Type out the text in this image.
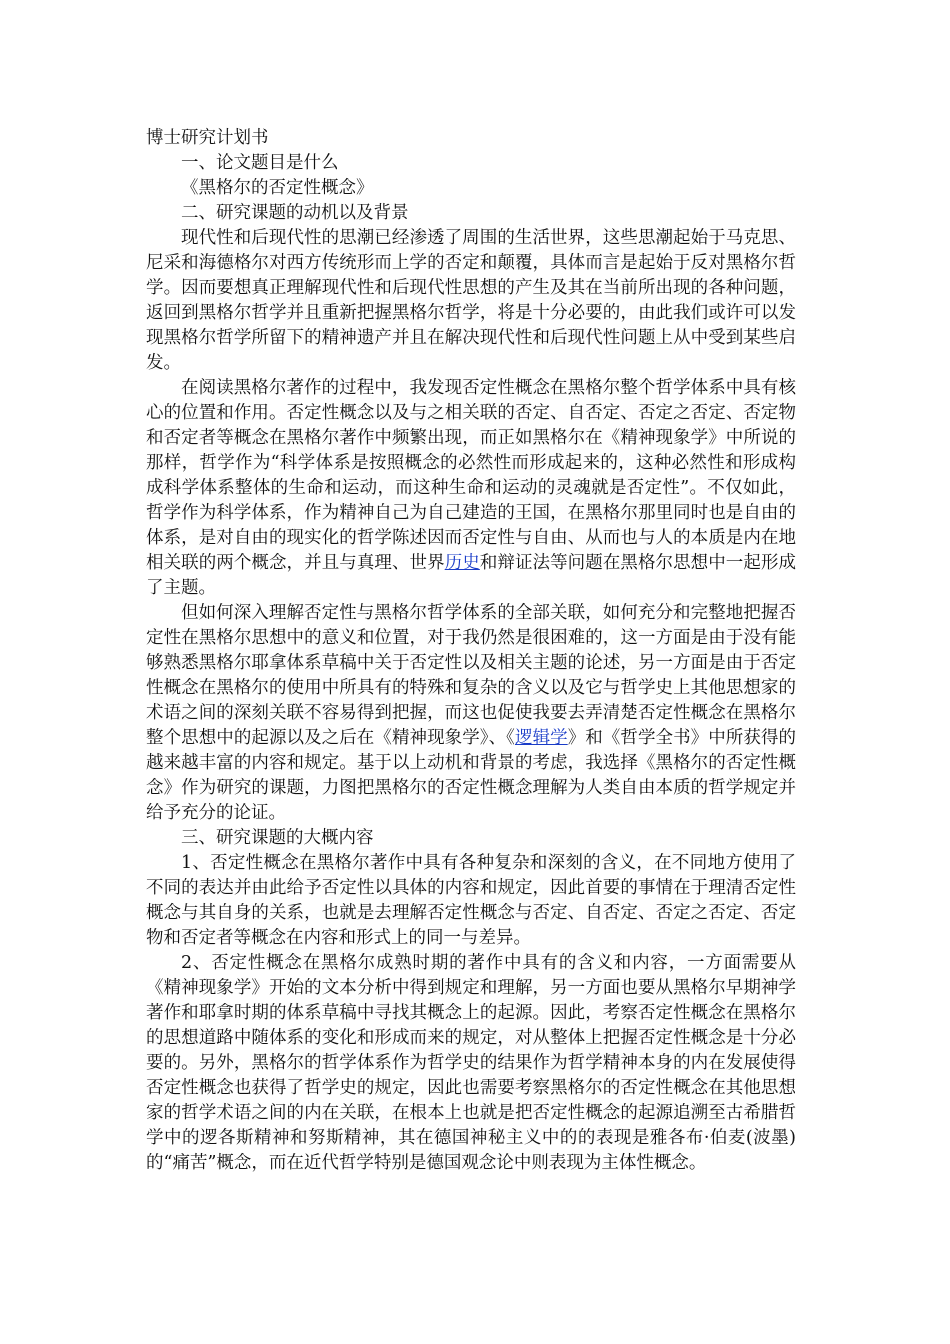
博士研究计划书

一、论文题目是什么

《黑格尔的否定性概念》

二、研究课题的动机以及背景

现代性和后现代性的思潮已经渗透了周围的生活世界，这些思潮起始于马克思、尼采和海德格尔对西方传统形而上学的否定和颠覆，具体而言是起始于反对黑格尔哲学。因而要想真正理解现代性和后现代性思想的产生及其在当前所出现的各种问题，返回到黑格尔哲学并且重新把握黑格尔哲学，将是十分必要的，由此我们或许可以发现黑格尔哲学所留下的精神遗产并且在解决现代性和后现代性问题上从中受到某些启发。

在阅读黑格尔著作的过程中，我发现否定性概念在黑格尔整个哲学体系中具有核心的位置和作用。否定性概念以及与之相关联的否定、自否定、否定之否定、否定物和否定者等概念在黑格尔著作中频繁出现，而正如黑格尔在《精神现象学》中所说的那样，哲学作为“科学体系是按照概念的必然性而形成起来的，这种必然性和形成构成科学体系整体的生命和运动，而这种生命和运动的灵魂就是否定性”。不仅如此，哲学作为科学体系，作为精神自己为自己建造的王国，在黑格尔那里同时也是自由的体系，是对自由的现实化的哲学陈述因而否定性与自由、从而也与人的本质是内在地相关联的两个概念，并且与真理、世界历史和辩证法等问题在黑格尔思想中一起形成了主题。

但如何深入理解否定性与黑格尔哲学体系的全部关联，如何充分和完整地把握否定性在黑格尔思想中的意义和位置，对于我仍然是很困难的，这一方面是由于没有能够熟悉黑格尔耶拿体系草稿中关于否定性以及相关主题的论述，另一方面是由于否定性概念在黑格尔的使用中所具有的特殊和复杂的含义以及它与哲学史上其他思想家的术语之间的深刻关联不容易得到把握，而这也促使我要去弄清楚否定性概念在黑格尔整个思想中的起源以及之后在《精神现象学》、《逻辑学》和《哲学全书》中所获得的越来越丰富的内容和规定。基于以上动机和背景的考虑，我选择《黑格尔的否定性概念》作为研究的课题，力图把黑格尔的否定性概念理解为人类自由本质的哲学规定并给予充分的论证。

三、研究课题的大概内容

1、否定性概念在黑格尔著作中具有各种复杂和深刻的含义，在不同地方使用了不同的表达并由此给予否定性以具体的内容和规定，因此首要的事情在于理清否定性概念与其自身的关系，也就是去理解否定性概念与否定、自否定、否定之否定、否定物和否定者等概念在内容和形式上的同一与差异。

2、否定性概念在黑格尔成熟时期的著作中具有的含义和内容，一方面需要从《精神现象学》开始的文本分析中得到规定和理解，另一方面也要从黑格尔早期神学著作和耶拿时期的体系草稿中寻找其概念上的起源。因此，考察否定性概念在黑格尔的思想道路中随体系的变化和形成而来的规定，对从整体上把握否定性概念是十分必要的。另外，黑格尔的哲学体系作为哲学史的结果作为哲学精神本身的内在发展使得否定性概念也获得了哲学史的规定，因此也需要考察黑格尔的否定性概念在其他思想家的哲学术语之间的内在关联，在根本上也就是把否定性概念的起源追溯至古希腊哲学中的逻各斯精神和努斯精神，其在德国神秘主义中的的表现是雅各布·伯麦(波墨)的“痛苦”概念，而在近代哲学特别是德国观念论中则表现为主体性概念。
